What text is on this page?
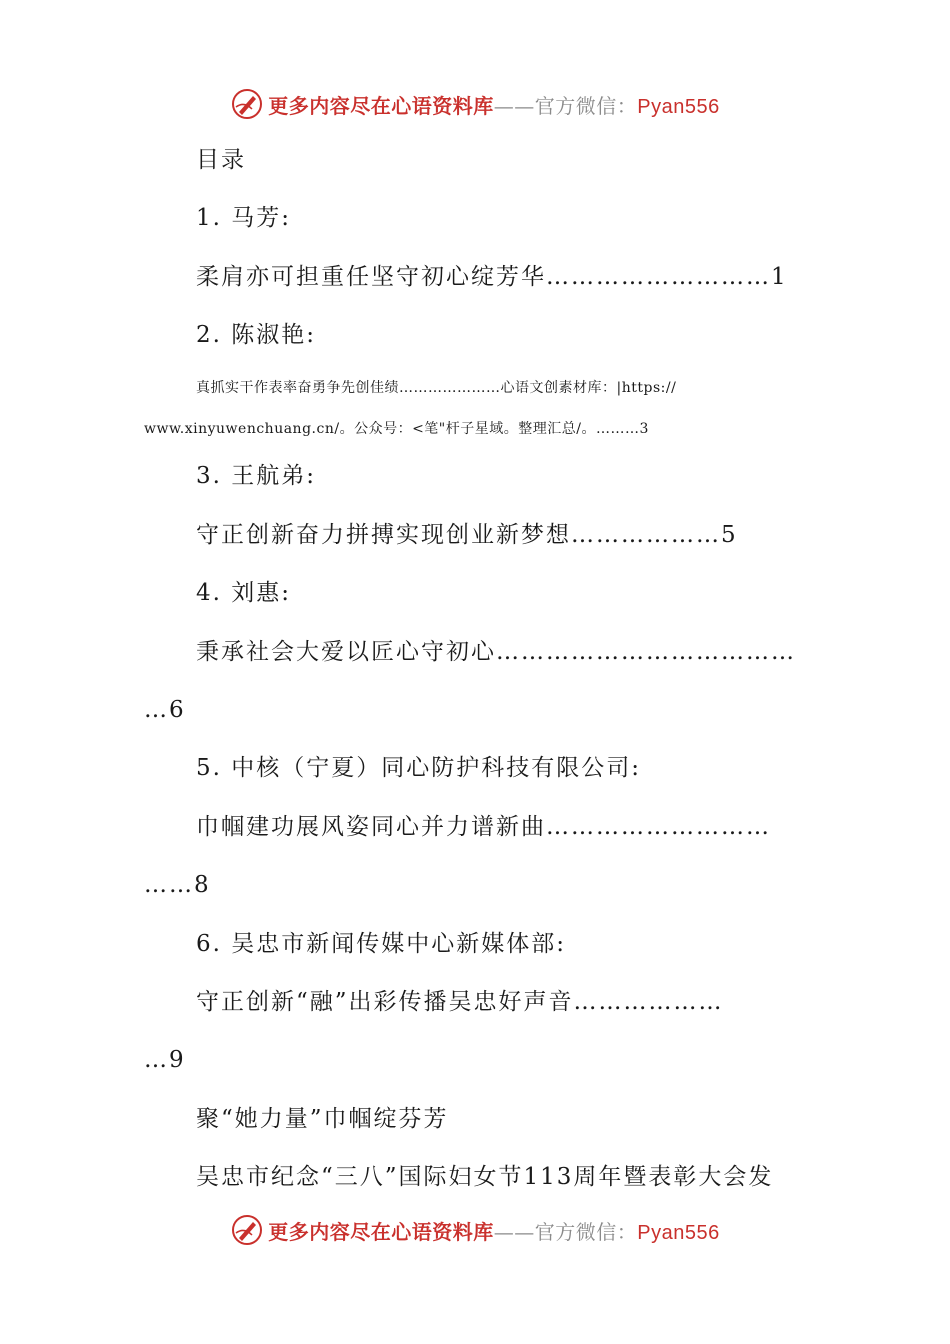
更多内容尽在心语资料库——官方微信：Pyan556
目录
1. 马芳:
柔肩亦可担重任坚守初心绽芳华………………………1
2. 陈淑艳:
真抓实干作表率奋勇争先创佳绩…………………心语文创素材库：|https://
www.xinyuwenchuang.cn/。公众号：<笔"杆子星域。整理汇总/。………3
3. 王航弟:
守正创新奋力拼搏实现创业新梦想………………5
4. 刘惠:
秉承社会大爱以匠心守初心………………………………
…6
5. 中核（宁夏）同心防护科技有限公司:
巾帼建功展风姿同心并力谱新曲………………………
……8
6. 吴忠市新闻传媒中心新媒体部:
守正创新“融”出彩传播吴忠好声音………………
…9
聚“她力量”巾帼绽芬芳
吴忠市纪念“三八”国际妇女节113周年暨表彰大会发
更多内容尽在心语资料库——官方微信：Pyan556
